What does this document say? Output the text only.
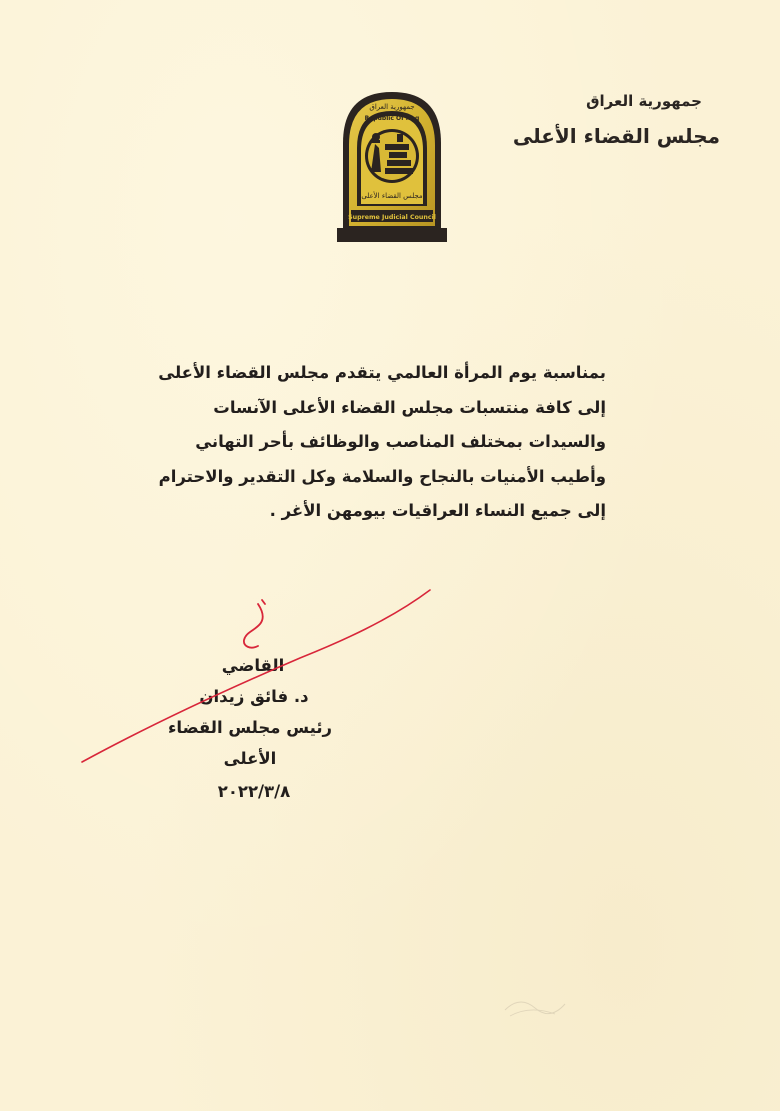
جمهورية العراق
مجلس القضاء الأعلى
جمهورية العراق
Republic Of Iraq
مجلس القضاء الأعلى
Supreme Judicial Council
بمناسبة يوم المرأة العالمي يتقدم مجلس القضاء الأعلى
إلى كافة منتسبات مجلس القضاء الأعلى الآنسات
والسيدات بمختلف المناصب والوظائف بأحر التهاني
وأطيب الأمنيات بالنجاح والسلامة وكل التقدير والاحترام
إلى جميع النساء العراقيات بيومهن الأغر .
القاضي
د. فائق زيدان
رئيس مجلس القضاء الأعلى
٢٠٢٢/٣/٨
